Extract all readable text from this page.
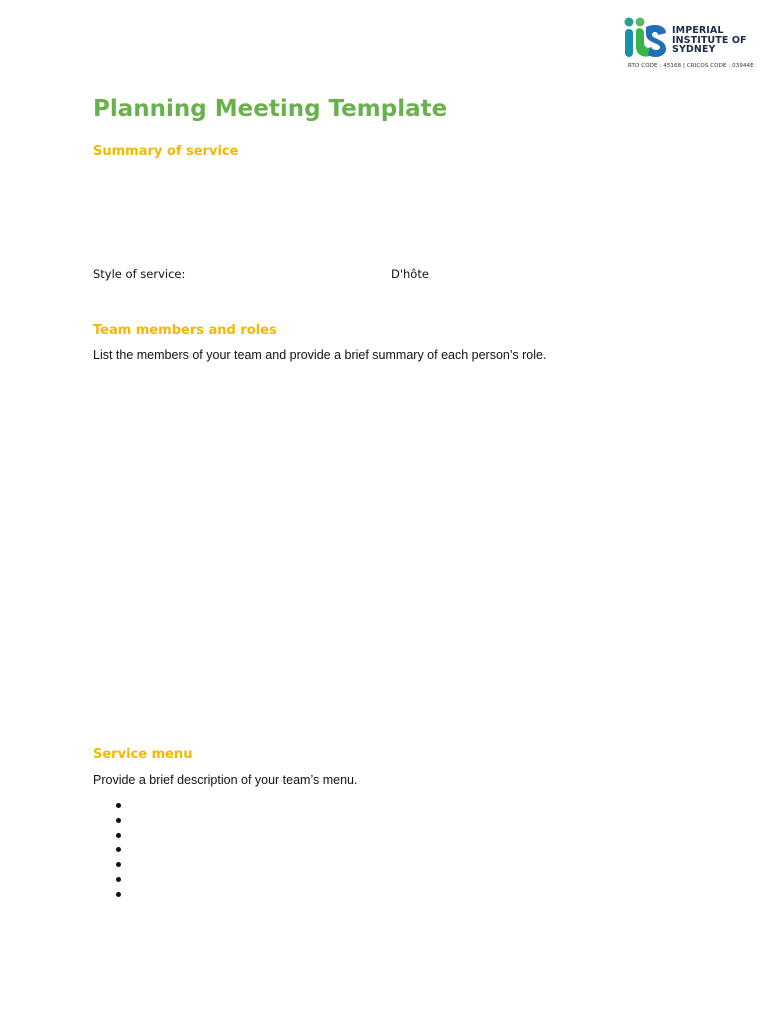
IMPERIAL
INSTITUTE OF
SYDNEY
RTO CODE : 45168 | CRICOS CODE : 03944E
Planning Meeting Template
Summary of service
Style of service:	D'hôte
Team members and roles

List the members of your team and provide a brief summary of each person’s role.

Service menu

Provide a brief description of your team’s menu.
